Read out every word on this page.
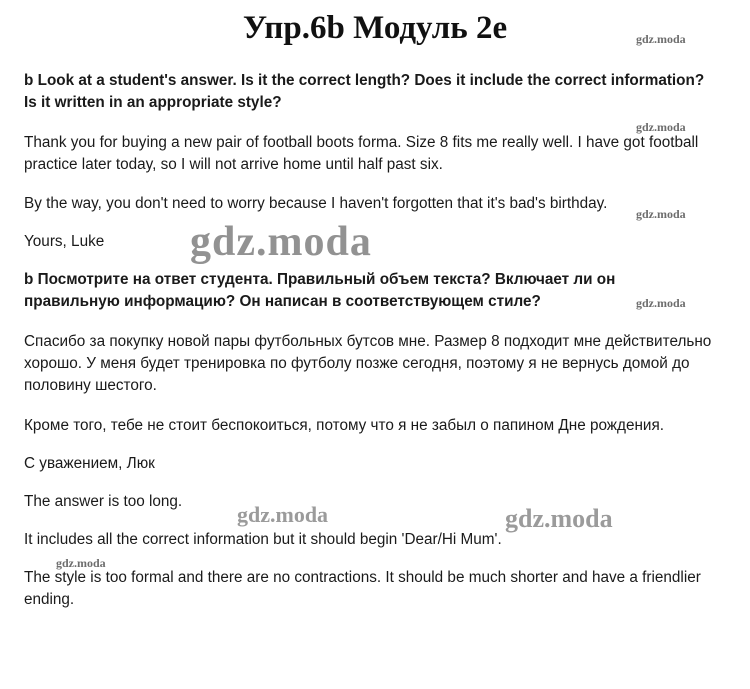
Упр.6b Модуль 2e

b Look at a student's answer. Is it the correct length? Does it include the correct information? Is it written in an appropriate style?

Thank you for buying a new pair of football boots forma. Size 8 fits me really well. I have got football practice later today, so I will not arrive home until half past six.

By the way, you don't need to worry because I haven't forgotten that it's bad's birthday.

Yours, Luke

b Посмотрите на ответ студента. Правильный объем текста? Включает ли он правильную информацию? Он написан в соответствующем стиле?

Спасибо за покупку новой пары футбольных бутсов мне. Размер 8 подходит мне действительно хорошо. У меня будет тренировка по футболу позже сегодня, поэтому я не вернусь домой до половину шестого.

Кроме того, тебе не стоит беспокоиться, потому что я не забыл о папином Дне рождения.

С уважением, Люк

The answer is too long.

It includes all the correct information but it should begin 'Dear/Hi Mum'.

The style is too formal and there are no contractions. It should be much shorter and have a friendlier ending.

gdz.moda
gdz.moda
gdz.moda
gdz.moda
gdz.moda
gdz.moda
gdz.moda	gdz.moda
